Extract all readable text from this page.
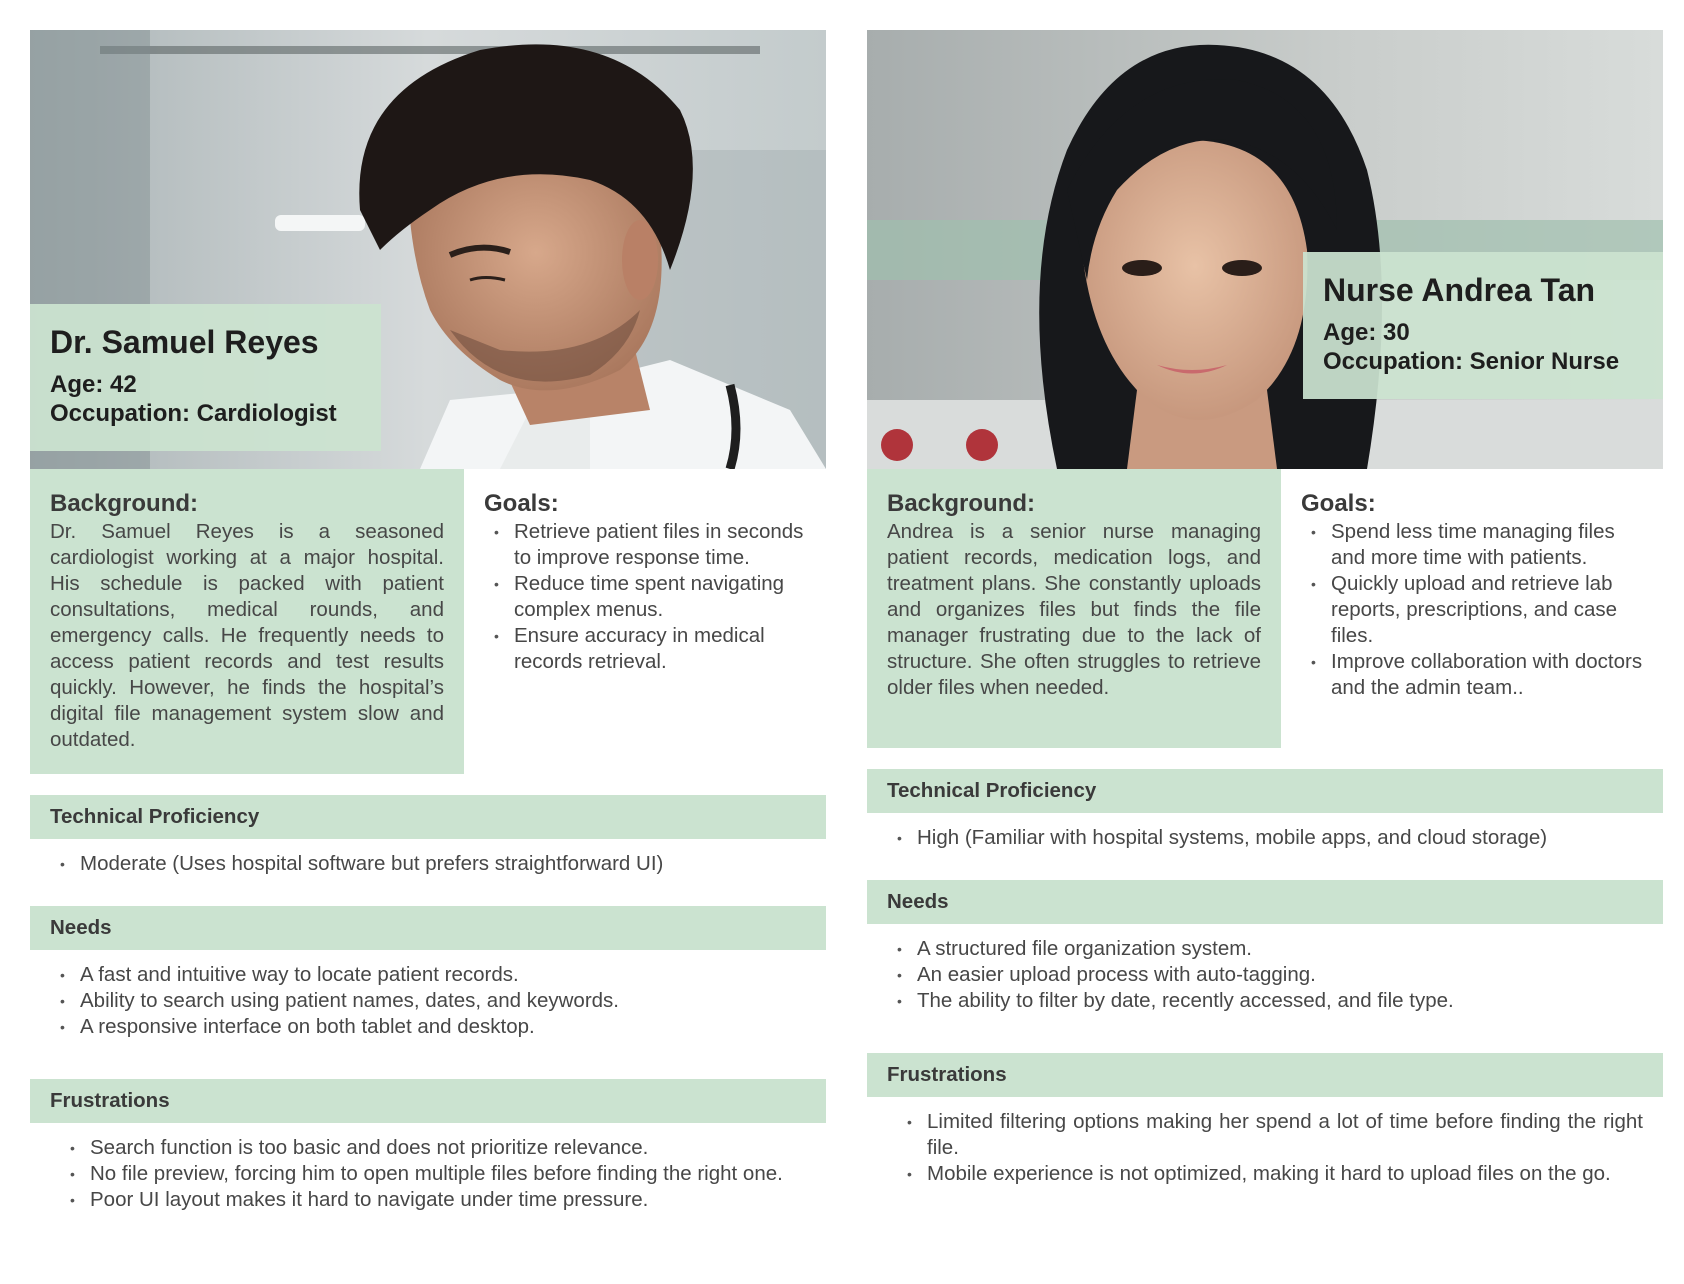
Dr. Samuel Reyes
Age: 42
Occupation: Cardiologist
Background:

Dr. Samuel Reyes is a seasoned cardiologist working at a major hospital. His schedule is packed with patient consultations, medical rounds, and emergency calls. He frequently needs to access patient records and test results quickly. However, he finds the hospital’s digital file management system slow and outdated.

Goals:
• Retrieve patient files in seconds to improve response time.
• Reduce time spent navigating complex menus.
• Ensure accuracy in medical records retrieval.
Technical Proficiency
• Moderate (Uses hospital software but prefers straightforward UI)
Needs
• A fast and intuitive way to locate patient records.
• Ability to search using patient names, dates, and keywords.
• A responsive interface on both tablet and desktop.
Frustrations
• Search function is too basic and does not prioritize relevance.
• No file preview, forcing him to open multiple files before finding the right one.
• Poor UI layout makes it hard to navigate under time pressure.
Nurse Andrea Tan
Age: 30
Occupation: Senior Nurse
Background:

Andrea is a senior nurse managing patient records, medication logs, and treatment plans. She constantly uploads and organizes files but finds the file manager frustrating due to the lack of structure. She often struggles to retrieve older files when needed.

Goals:
• Spend less time managing files and more time with patients.
• Quickly upload and retrieve lab reports, prescriptions, and case files.
• Improve collaboration with doctors and the admin team..
Technical Proficiency
• High (Familiar with hospital systems, mobile apps, and cloud storage)
Needs
• A structured file organization system.
• An easier upload process with auto-tagging.
• The ability to filter by date, recently accessed, and file type.
Frustrations
• Limited filtering options making her spend a lot of time before finding the right file.
• Mobile experience is not optimized, making it hard to upload files on the go.
